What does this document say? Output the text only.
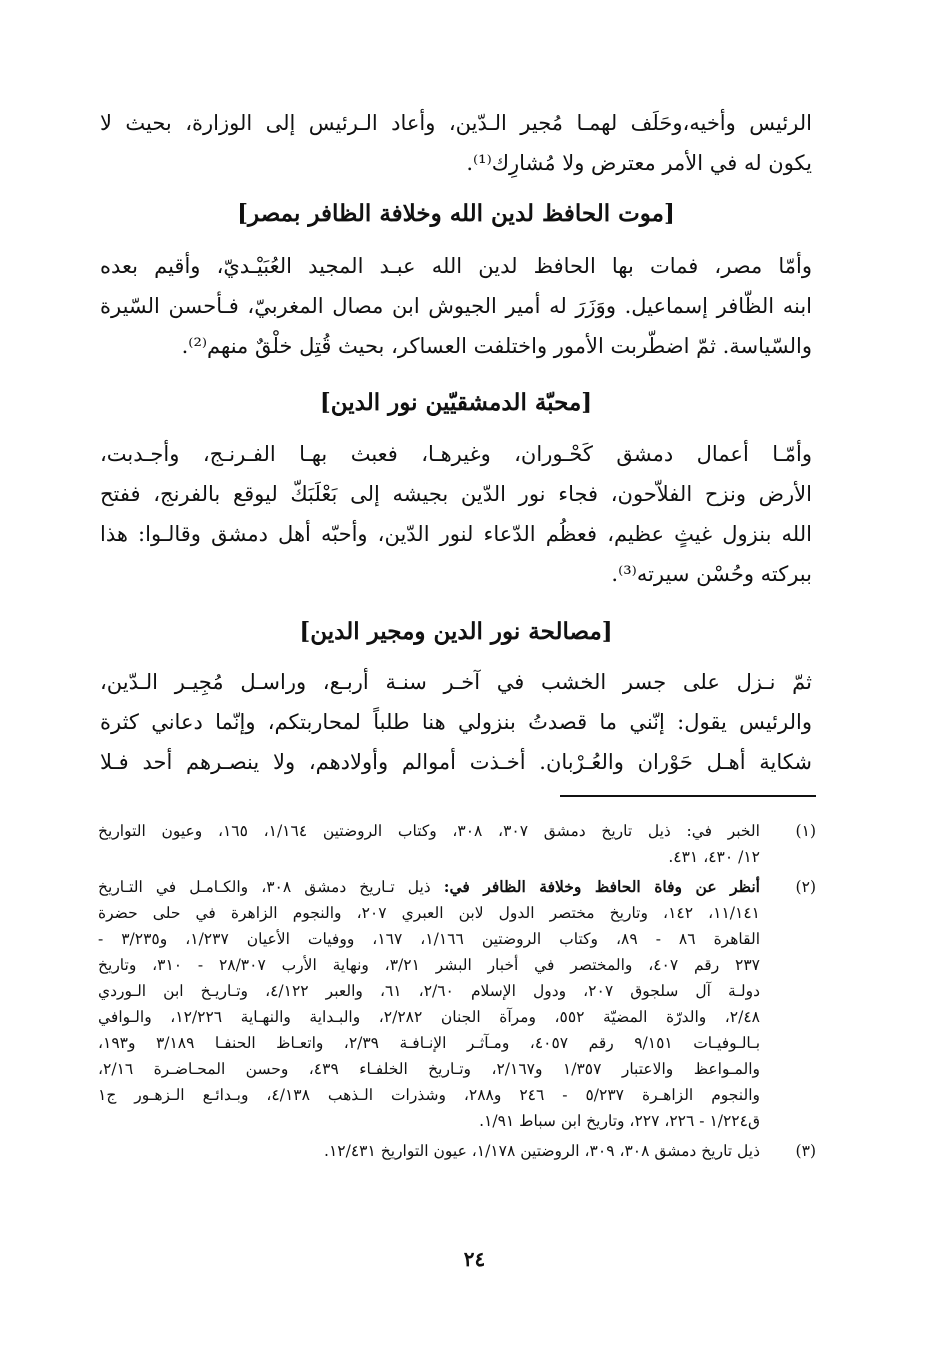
الرئيس وأخيه،وحَلَف لهمـا مُجير الـدّين، وأعاد الـرئيس إلى الوزارة، بحيث لا
يكون له في الأمر معترض ولا مُشارِك⁽¹⁾.
[موت الحافظ لدين الله وخلافة الظافر بمصر]
وأمّا مصر، فمات بها الحافظ لدين الله عبـد المجيد العُبَيْـديّ، وأقيم بعده
ابنه الظّافر إسماعيل. ووَزَرَ له أمير الجيوش ابن مصال المغربيّ، فـأحسن السّيرة
والسّياسة. ثمّ اضطّربت الأمور واختلفت العساكر، بحيث قُتِل خلْقٌ منهم⁽²⁾.
[محبّة الدمشقيّين نور الدين]
وأمّـا أعمال دمشق كَحْـوران، وغيرهـا، فعبث بهـا الفـرنـج، وأجـدبت،
الأرض ونزح الفلاّحون، فجاء نور الدّين بجيشه إلى بَعْلَبَكّ ليوقع بالفرنج، ففتح
الله بنزول غيثٍ عظيم، فعظُم الدّعاء لنور الدّين، وأحبّه أهل دمشق وقالـوا: هذا
ببركته وحُسْن سيرته⁽³⁾.
[مصالحة نور الدين ومجير الدين]
ثمّ نـزل على جسر الخشب في آخـر سنـة أربـع، وراسـل مُجِيـر الـدّين،
والرئيس يقول: إنّني ما قصدتُ بنزولي هنا طلباً لمحاربتكم، وإنّما دعاني كثرة
شكاية أهـل حَوْران والعُـرْبان. أخـذت أموالم وأولادهم، ولا ينصـرهم أحد فـلا
(١)
الخبر في: ذيل تاريخ دمشق ٣٠٧، ٣٠٨، وكتاب الروضتين ١/١٦٤، ١٦٥، وعيون التواريخ
١٢/ ٤٣٠، ٤٣١.
(٢)
أنظر عن وفاة الحافظ وخلافة الظافر في: ذيل تـاريخ دمشق ٣٠٨، والكـامـل في التـاريخ
١١/١٤١، ١٤٢، وتاريخ مختصر الدول لابن العبري ٢٠٧، والنجوم الزاهرة في حلى حضرة
القاهرة ٨٦ - ٨٩، وكتاب الروضتين ١/١٦٦، ١٦٧، ووفيات الأعيان ١/٢٣٧، و٣/٢٣٥ -
٢٣٧ رقم ٤٠٧، والمختصر في أخبار البشر ٣/٢١، ونهاية الأرب ٢٨/٣٠٧ - ٣١٠، وتاريخ
دولـة آل سلجوق ٢٠٧، ودول الإسلام ٢/٦٠، ٦١، والعبر ٤/١٢٢، وتـاريـخ ابن الـوردي
٢/٤٨، والدرّة المضيّة ٥٥٢، ومرآة الجنان ٢/٢٨٢، والبـداية والنهـاية ١٢/٢٢٦، والـوافي
بـالـوفيـات ٩/١٥١ رقم ٤٠٥٧، ومـآثـر الإنـافـة ٢/٣٩، واتعـاظ الحنفـا ٣/١٨٩ و١٩٣،
والمـواعظ والاعتبار ١/٣٥٧ و٢/١٦٧، وتـاريخ الخلفـاء ٤٣٩، وحسن المحـاضـرة ٢/١٦،
والنجوم الزاهـرة ٥/٢٣٧ - ٢٤٦ و٢٨٨، وشذرات الـذهب ٤/١٣٨، وبـدائـع الـزهـور ج١
ق١/٢٢٤ - ٢٢٦، ٢٢٧، وتاريخ ابن سباط ١/٩١.
(٣)
ذيل تاريخ دمشق ٣٠٨، ٣٠٩، الروضتين ١/١٧٨، عيون التواريخ ١٢/٤٣١.
٢٤
